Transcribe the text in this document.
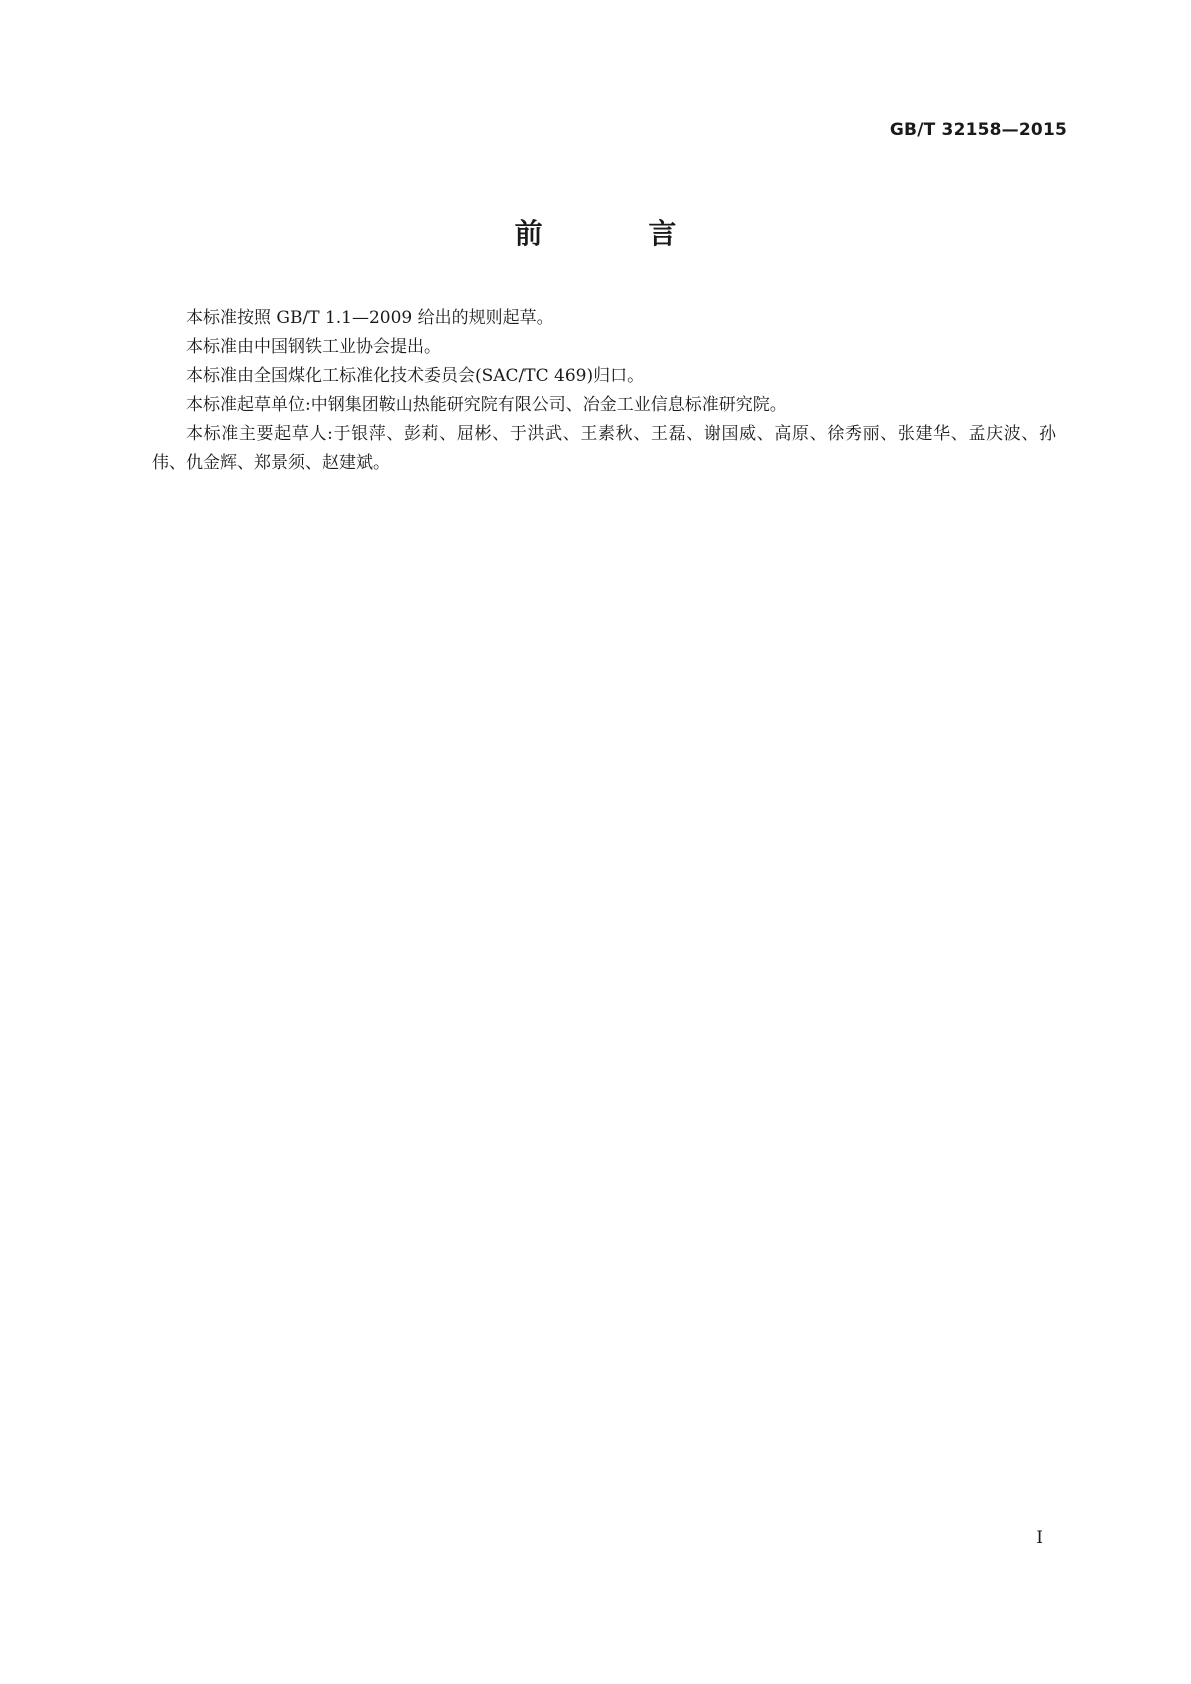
GB/T 32158—2015
前 言

本标准按照 GB/T 1.1—2009 给出的规则起草。

本标准由中国钢铁工业协会提出。

本标准由全国煤化工标准化技术委员会(SAC/TC 469)归口。

本标准起草单位:中钢集团鞍山热能研究院有限公司、冶金工业信息标准研究院。

本标准主要起草人:于银萍、彭莉、屈彬、于洪武、王素秋、王磊、谢国威、高原、徐秀丽、张建华、孟庆波、孙伟、仇金辉、郑景须、赵建斌。

I
